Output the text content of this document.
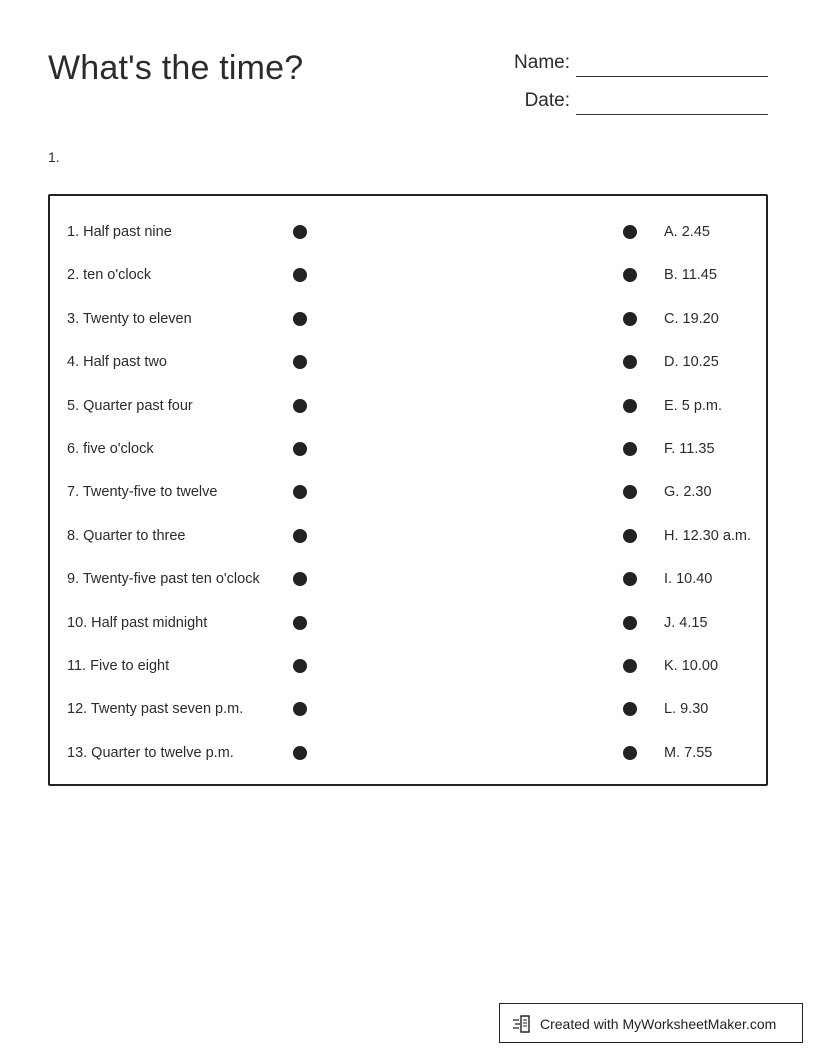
What's the time?	Name:
Date:
1.
1. Half past nine	A. 2.45
2. ten o'clock	B. 11.45
3. Twenty to eleven	C. 19.20
4. Half past two	D. 10.25
5. Quarter past four	E. 5 p.m.
6. five o'clock	F. 11.35
7. Twenty-five to twelve	G. 2.30
8. Quarter to three	H. 12.30 a.m.
9. Twenty-five past ten o'clock	I. 10.40
10. Half past midnight	J. 4.15
11. Five to eight	K. 10.00
12. Twenty past seven p.m.	L. 9.30
13. Quarter to twelve p.m.	M. 7.55
Created with MyWorksheetMaker.com
